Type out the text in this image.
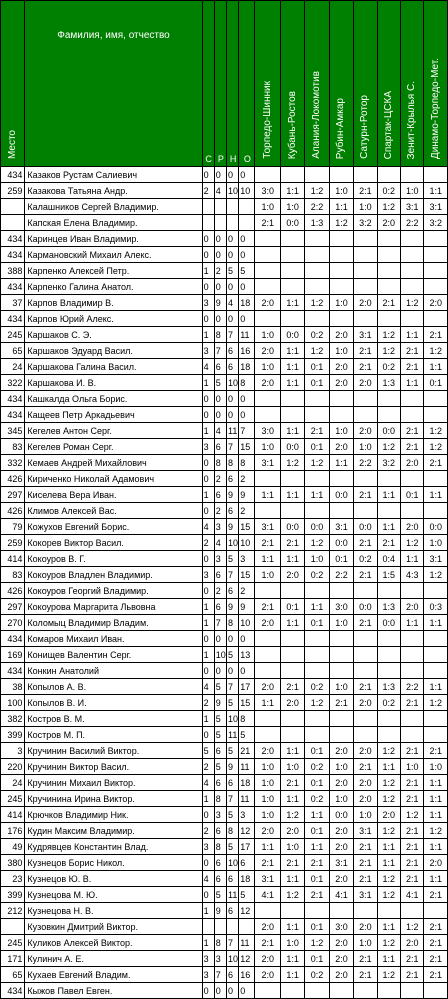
Место	Фамилия, имя, отчество	С	Р	Н	О	Торпедо-Шинник	Кубань-Ростов	Алания-Локомотив	Рубин-Амкар	Сатурн-Ротор	Спартак-ЦСКА	Зенит-Крылья С.	Динамо-Торпедо-Мет.
434	Казаков Рустам Салиевич	0	0	0	0								
259	Казакова Татьяна Андр.	2	4	10	10	3:0	1:1	1:2	1:0	2:1	0:2	1:0	1:1
	Калашников Сергей Владимир.					1:0	1:0	2:2	1:1	1:0	1:2	3:1	3:1
	Капская Елена Владимир.					2:1	0:0	1:3	1:2	3:2	2:0	2:2	3:2
434	Каринцев Иван Владимир.	0	0	0	0								
434	Кармановский Михаил Алекс.	0	0	0	0								
388	Карпенко Алексей Петр.	1	2	5	5								
434	Карпенко Галина Анатол.	0	0	0	0								
37	Карпов Владимир В.	3	9	4	18	2:0	1:1	1:2	1:0	2:0	2:1	1:2	2:0
434	Карпов Юрий Алекс.	0	0	0	0								
245	Каршаков С. Э.	1	8	7	11	1:0	0:0	0:2	2:0	3:1	1:2	1:1	2:1
65	Каршаков Эдуард Васил.	3	7	6	16	2:0	1:1	1:2	1:0	2:1	1:2	2:1	1:2
24	Каршакова Галина Васил.	4	6	6	18	1:0	1:1	0:1	2:0	2:1	0:2	2:1	1:1
322	Каршакова И. В.	1	5	10	8	2:0	1:1	0:1	2:0	2:0	1:3	1:1	0:1
434	Кашкалда Ольга Борис.	0	0	0	0								
434	Кащеев Петр Аркадьевич	0	0	0	0								
345	Кегелев Антон Серг.	1	4	11	7	3:0	1:1	2:1	1:0	2:0	0:0	2:1	1:2
83	Кегелев Роман Серг.	3	6	7	15	1:0	0:0	0:1	2:0	1:0	1:2	2:1	1:2
332	Кемаев Андрей Михайлович	0	8	8	8	3:1	1:2	1:2	1:1	2:2	3:2	2:0	2:1
426	Кириченко Николай Адамович	0	2	6	2								
297	Киселева Вера Иван.	1	6	9	9	1:1	1:1	1:1	0:0	2:1	1:1	0:1	1:1
426	Климов Алексей Вас.	0	2	6	2								
79	Кожухов Евгений Борис.	4	3	9	15	3:1	0:0	0:0	3:1	0:0	1:1	2:0	0:0
259	Кокорев Виктор Васил.	2	4	10	10	2:1	2:1	1:2	0:0	2:1	2:1	1:2	1:0
414	Кокоуров В. Г.	0	3	5	3	1:1	1:1	1:0	0:1	0:2	0:4	1:1	3:1
83	Кокоуров Владлен Владимир.	3	6	7	15	1:0	2:0	0:2	2:2	2:1	1:5	4:3	1:2
426	Кокоуров Георгий Владимир.	0	2	6	2								
297	Кокоурова Маргарита Львовна	1	6	9	9	2:1	0:1	1:1	3:0	0:0	1:3	2:0	0:3
270	Коломыц Владимир Владим.	1	7	8	10	2:0	1:1	0:1	1:0	2:1	0:0	1:1	1:1
434	Комаров Михаил Иван.	0	0	0	0								
169	Конищев Валентин Серг.	1	10	5	13								
434	Конкин Анатолий	0	0	0	0								
38	Копылов А. В.	4	5	7	17	2:0	2:1	0:2	1:0	2:1	1:3	2:2	1:1
100	Копылов В. И.	2	9	5	15	1:1	2:0	1:2	2:1	2:0	0:2	2:1	1:2
382	Костров В. М.	1	5	10	8								
399	Костров М. П.	0	5	11	5								
3	Кручинин Василий Виктор.	5	6	5	21	2:0	1:1	0:1	2:0	2:0	1:2	2:1	2:1
220	Кручинин Виктор Васил.	2	5	9	11	1:0	1:0	0:2	1:0	2:1	1:1	1:0	1:0
24	Кручинин Михаил Виктор.	4	6	6	18	1:0	2:1	0:1	2:0	2:0	1:2	2:1	1:1
245	Кручинина Ирина Виктор.	1	8	7	11	1:0	1:1	0:2	1:0	2:0	1:2	2:1	1:1
414	Крючков Владимир Ник.	0	3	5	3	1:0	1:2	1:1	0:0	1:0	2:0	1:2	1:1
176	Кудин Максим Владимир.	2	6	8	12	2:0	2:0	0:1	2:0	3:1	1:2	2:1	1:2
49	Кудрявцев Константин Влад.	3	8	5	17	1:1	1:0	1:1	2:0	2:1	1:1	2:1	1:1
380	Кузнецов Борис Никол.	0	6	10	6	2:1	2:1	2:1	3:1	2:1	1:1	2:1	2:0
23	Кузнецов Ю. В.	4	6	6	18	3:1	1:1	0:1	2:0	2:1	1:2	2:1	1:1
399	Кузнецова М. Ю.	0	5	11	5	4:1	1:2	2:1	4:1	3:1	1:2	4:1	2:1
212	Кузнецова Н. В.	1	9	6	12								
	Кузовкин Дмитрий Виктор.					2:0	1:1	0:1	3:0	2:0	1:1	1:2	2:1
245	Куликов Алексей Виктор.	1	8	7	11	2:1	1:0	1:2	2:0	1:0	1:2	2:0	2:1
171	Кулинич А. Е.	3	3	10	12	2:0	1:1	0:1	2:0	2:1	1:1	2:1	2:1
65	Кухаев Евгений Владим.	3	7	6	16	2:0	1:1	0:2	2:0	2:1	1:2	2:1	2:1
434	Кыжов Павел Евген.	0	0	0	0								
